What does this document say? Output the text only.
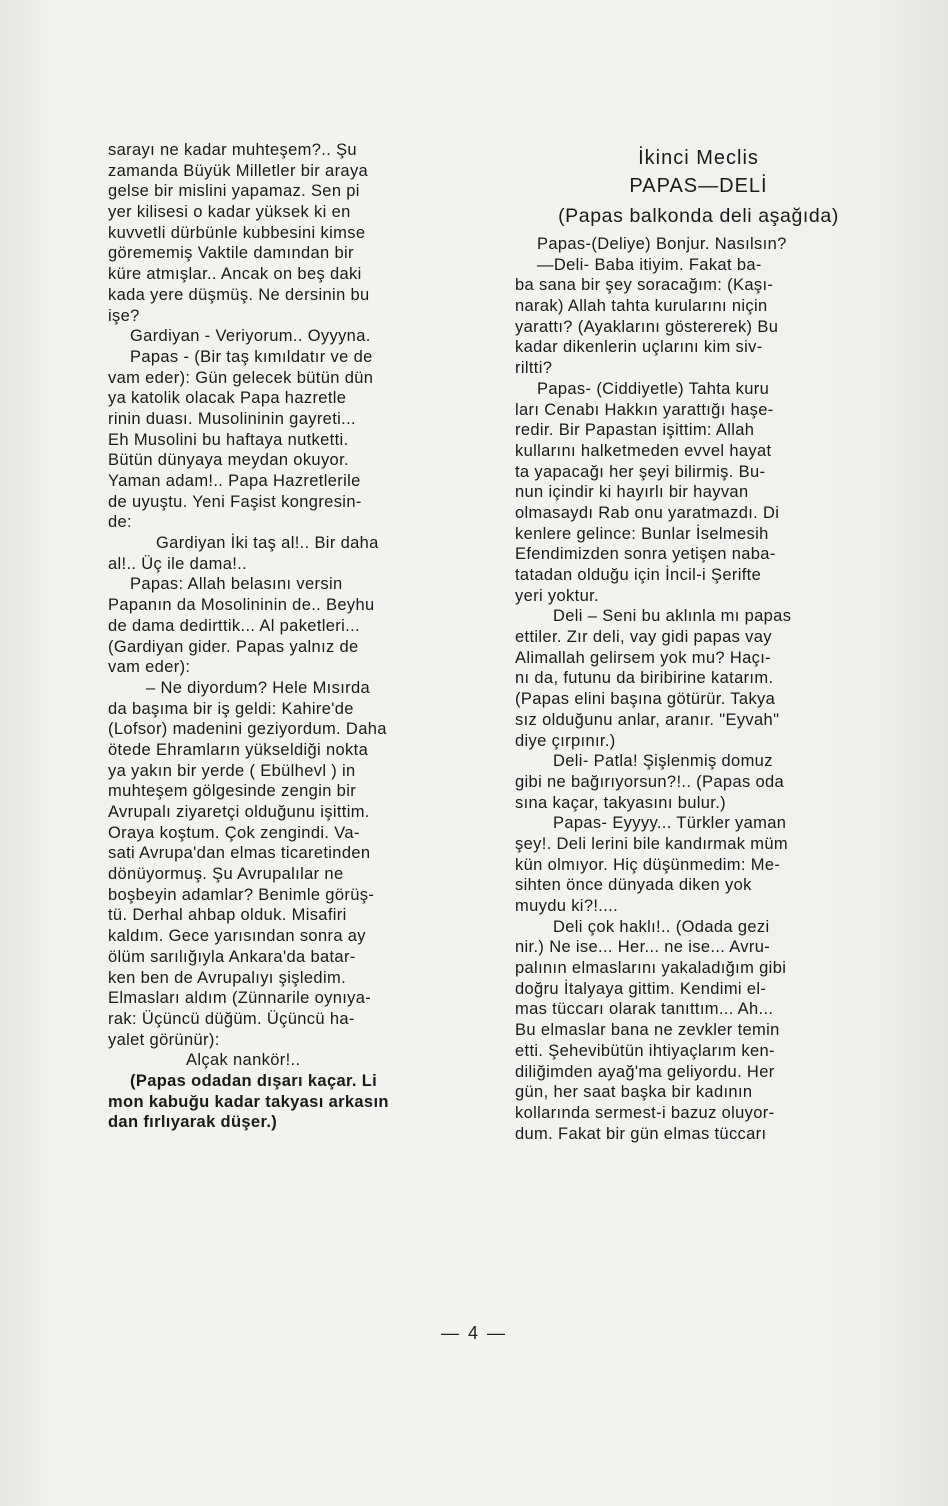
sarayı ne kadar muhteşem?.. Şu
zamanda Büyük Milletler bir araya
gelse bir mislini yapamaz. Sen pi
yer kilisesi o kadar yüksek ki en
kuvvetli dürbünle kubbesini kimse
görememiş Vaktile damından bir
küre atmışlar.. Ancak on beş daki
kada yere düşmüş. Ne dersinin bu
işe?
Gardiyan - Veriyorum.. Oyyyna.
Papas - (Bir taş kımıldatır ve de
vam eder): Gün gelecek bütün dün
ya katolik olacak Papa hazretle
rinin duası. Musolininin gayreti...
Eh Musolini bu haftaya nutketti.
Bütün dünyaya meydan okuyor.
Yaman adam!.. Papa Hazretlerile
de uyuştu. Yeni Faşist kongresin-
de:
Gardiyan İki taş al!.. Bir daha
al!.. Üç ile dama!..
Papas: Allah belasını versin
Papanın da Mosolininin de.. Beyhu
de dama dedirttik... Al paketleri...
(Gardiyan gider. Papas yalnız de
vam eder):
– Ne diyordum? Hele Mısırda
da başıma bir iş geldi: Kahire'de
(Lofsor) madenini geziyordum. Daha
ötede Ehramların yükseldiği nokta
ya yakın bir yerde ( Ebülhevl ) in
muhteşem gölgesinde zengin bir
Avrupalı ziyaretçi olduğunu işittim.
Oraya koştum. Çok zengindi. Va-
sati Avrupa'dan elmas ticaretinden
dönüyormuş. Şu Avrupalılar ne
boşbeyin adamlar? Benimle görüş-
tü. Derhal ahbap olduk. Misafiri
kaldım. Gece yarısından sonra ay
ölüm sarılığıyla Ankara'da batar-
ken ben de Avrupalıyı şişledim.
Elmasları aldım (Zünnarile oynıya-
rak: Üçüncü düğüm. Üçüncü ha-
yalet görünür):
Alçak nankör!..
(Papas odadan dışarı kaçar. Li
mon kabuğu kadar takyası arkasın
dan fırlıyarak düşer.)
İkinci Meclis
PAPAS—DELİ
(Papas balkonda deli aşağıda)
Papas-(Deliye) Bonjur. Nasılsın?
—Deli- Baba itiyim. Fakat ba-
ba sana bir şey soracağım: (Kaşı-
narak) Allah tahta kurularını niçin
yarattı? (Ayaklarını göstererek) Bu
kadar dikenlerin uçlarını kim siv-
riltti?
Papas- (Ciddiyetle) Tahta kuru
ları Cenabı Hakkın yarattığı haşe-
redir. Bir Papastan işittim: Allah
kullarını halketmeden evvel hayat
ta yapacağı her şeyi bilirmiş. Bu-
nun içindir ki hayırlı bir hayvan
olmasaydı Rab onu yaratmazdı. Di
kenlere gelince: Bunlar İselmesih
Efendimizden sonra yetişen naba-
tatadan olduğu için İncil-i Şerifte
yeri yoktur.
Deli – Seni bu aklınla mı papas
ettiler. Zır deli, vay gidi papas vay
Alimallah gelirsem yok mu? Haçı-
nı da, futunu da biribirine katarım.
(Papas elini başına götürür. Takya
sız olduğunu anlar, aranır. "Eyvah"
diye çırpınır.)
Deli- Patla! Şişlenmiş domuz
gibi ne bağırıyorsun?!.. (Papas oda
sına kaçar, takyasını bulur.)
Papas- Eyyyy... Türkler yaman
şey!. Deli lerini bile kandırmak müm
kün olmıyor. Hiç düşünmedim: Me-
sihten önce dünyada diken yok
muydu ki?!....
Deli çok haklı!.. (Odada gezi
nir.) Ne ise... Her... ne ise... Avru-
palının elmaslarını yakaladığım gibi
doğru İtalyaya gittim. Kendimi el-
mas tüccarı olarak tanıttım... Ah...
Bu elmaslar bana ne zevkler temin
etti. Şehevibütün ihtiyaçlarım ken-
diliğimden ayağ'ma geliyordu. Her
gün, her saat başka bir kadının
kollarında sermest-i bazuz oluyor-
dum. Fakat bir gün elmas tüccarı
— 4 —
